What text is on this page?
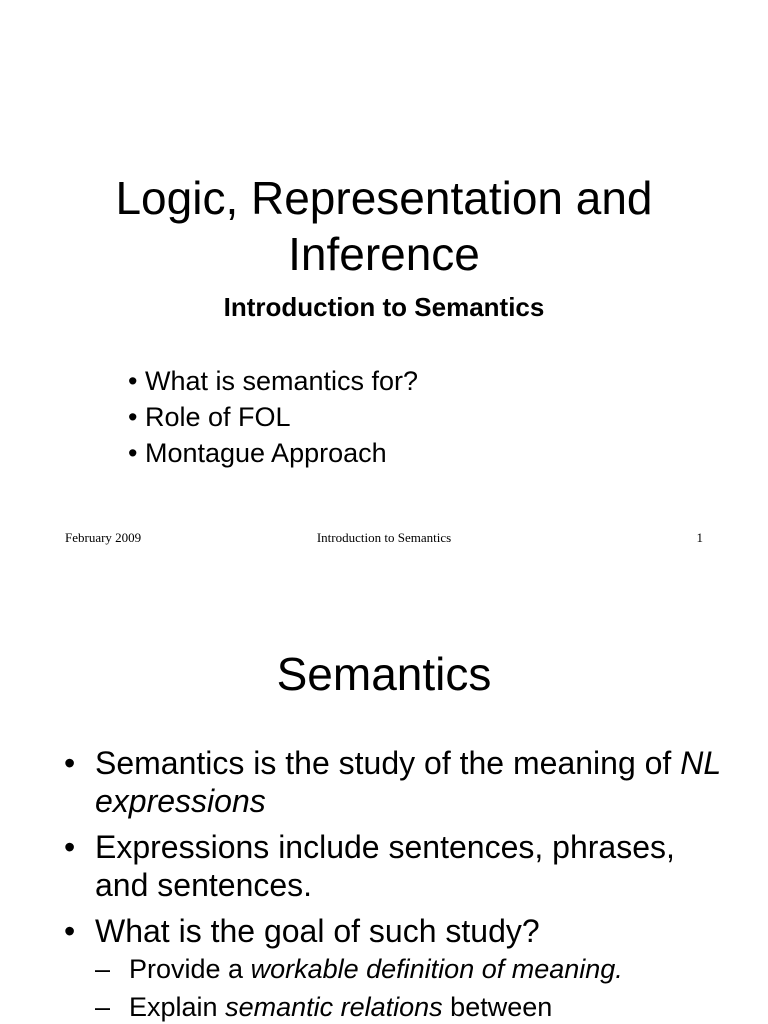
Logic, Representation and
Inference
Introduction to Semantics
• What is semantics for?
• Role of FOL
• Montague Approach
February 2009	Introduction to Semantics	1
Semantics
• Semantics is the study of the meaning of NL expressions
• Expressions include sentences, phrases, and sentences.
• What is the goal of such study?
– Provide a workable definition of meaning.
– Explain semantic relations between
